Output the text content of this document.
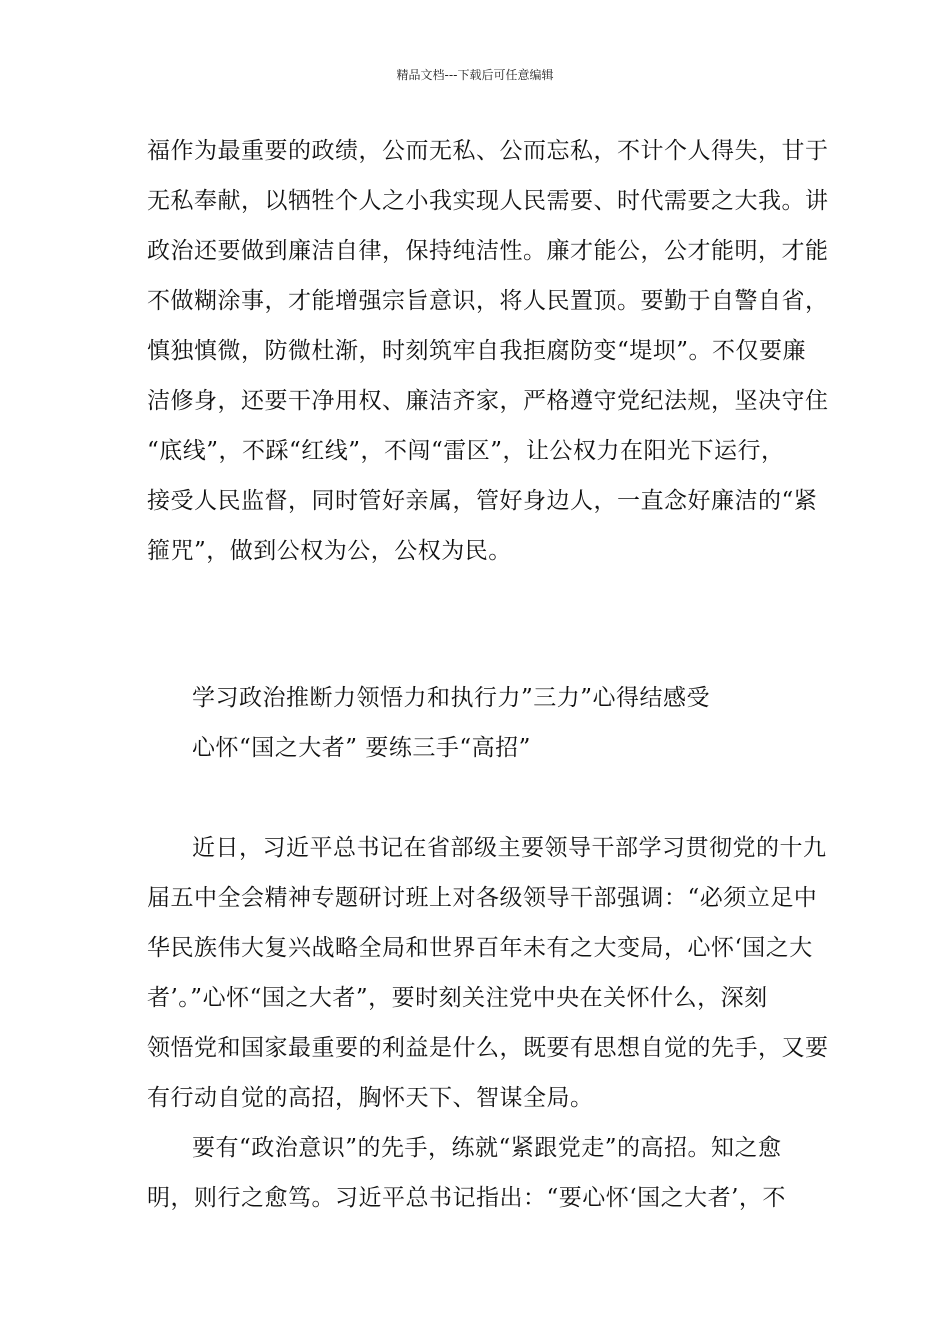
精品文档---下载后可任意编辑
福作为最重要的政绩，公而无私、公而忘私，不计个人得失，甘于
无私奉献，以牺牲个人之小我实现人民需要、时代需要之大我。讲
政治还要做到廉洁自律，保持纯洁性。廉才能公，公才能明，才能
不做糊涂事，才能增强宗旨意识，将人民置顶。要勤于自警自省，
慎独慎微，防微杜渐，时刻筑牢自我拒腐防变“堤坝”。不仅要廉
洁修身，还要干净用权、廉洁齐家，严格遵守党纪法规，坚决守住
“底线”，不踩“红线”，不闯“雷区”，让公权力在阳光下运行，
接受人民监督，同时管好亲属，管好身边人，一直念好廉洁的“紧
箍咒”，做到公权为公，公权为民。
学习政治推断力领悟力和执行力”三力”心得结感受
心怀“国之大者” 要练三手“高招”
近日，习近平总书记在省部级主要领导干部学习贯彻党的十九
届五中全会精神专题研讨班上对各级领导干部强调：“必须立足中
华民族伟大复兴战略全局和世界百年未有之大变局，心怀‘国之大
者’。”心怀“国之大者”，要时刻关注党中央在关怀什么，深刻
领悟党和国家最重要的利益是什么，既要有思想自觉的先手，又要
有行动自觉的高招，胸怀天下、智谋全局。
要有“政治意识”的先手，练就“紧跟党走”的高招。知之愈
明，则行之愈笃。习近平总书记指出：“要心怀‘国之大者’，不
